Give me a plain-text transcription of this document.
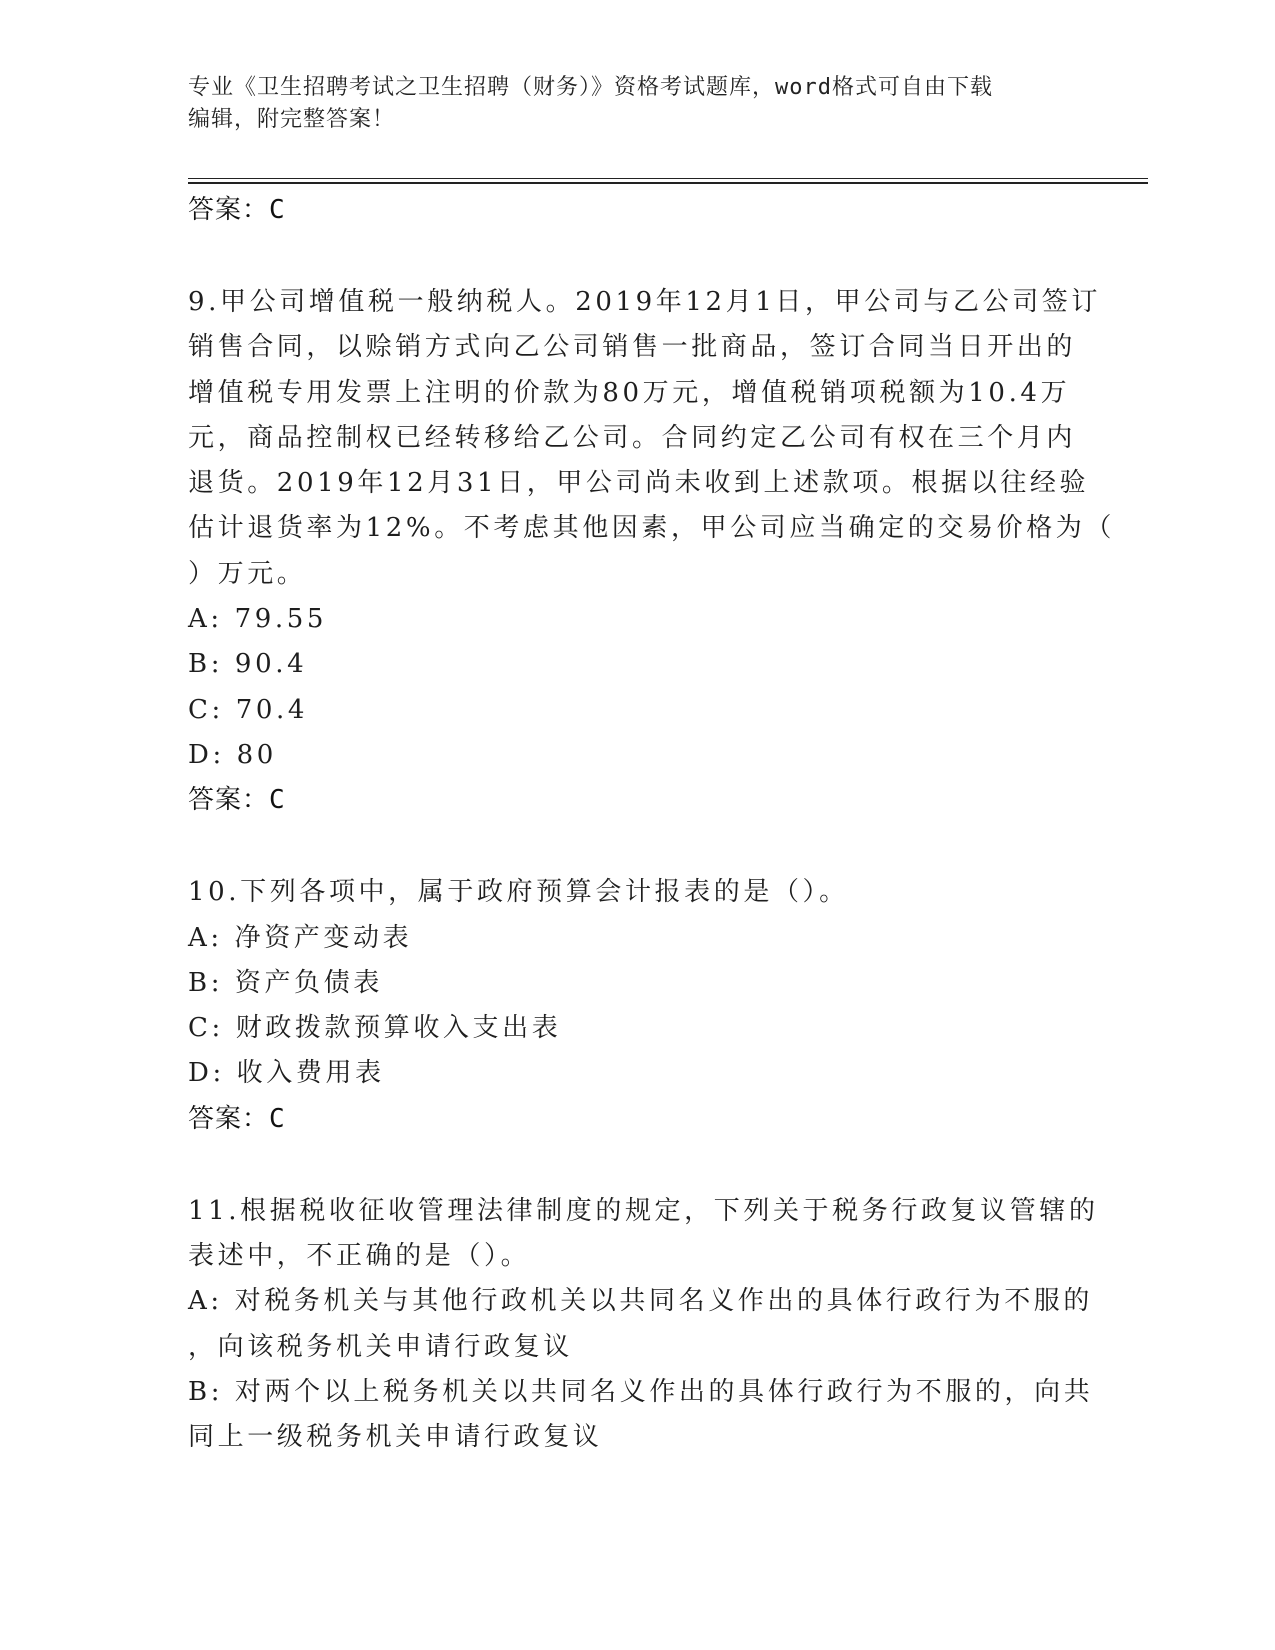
专业《卫生招聘考试之卫生招聘（财务）》资格考试题库，word格式可自由下载
编辑，附完整答案！
答案：C
9.甲公司增值税一般纳税人。2019年12月1日，甲公司与乙公司签订
销售合同，以赊销方式向乙公司销售一批商品，签订合同当日开出的
增值税专用发票上注明的价款为80万元，增值税销项税额为10.4万
元，商品控制权已经转移给乙公司。合同约定乙公司有权在三个月内
退货。2019年12月31日，甲公司尚未收到上述款项。根据以往经验
估计退货率为12%。不考虑其他因素，甲公司应当确定的交易价格为（
）万元。
A: 79.55
B: 90.4
C: 70.4
D: 80
答案：C
10.下列各项中，属于政府预算会计报表的是（）。
A: 净资产变动表
B: 资产负债表
C: 财政拨款预算收入支出表
D: 收入费用表
答案：C
11.根据税收征收管理法律制度的规定，下列关于税务行政复议管辖的
表述中，不正确的是（）。
A: 对税务机关与其他行政机关以共同名义作出的具体行政行为不服的
，向该税务机关申请行政复议
B: 对两个以上税务机关以共同名义作出的具体行政行为不服的，向共
同上一级税务机关申请行政复议
